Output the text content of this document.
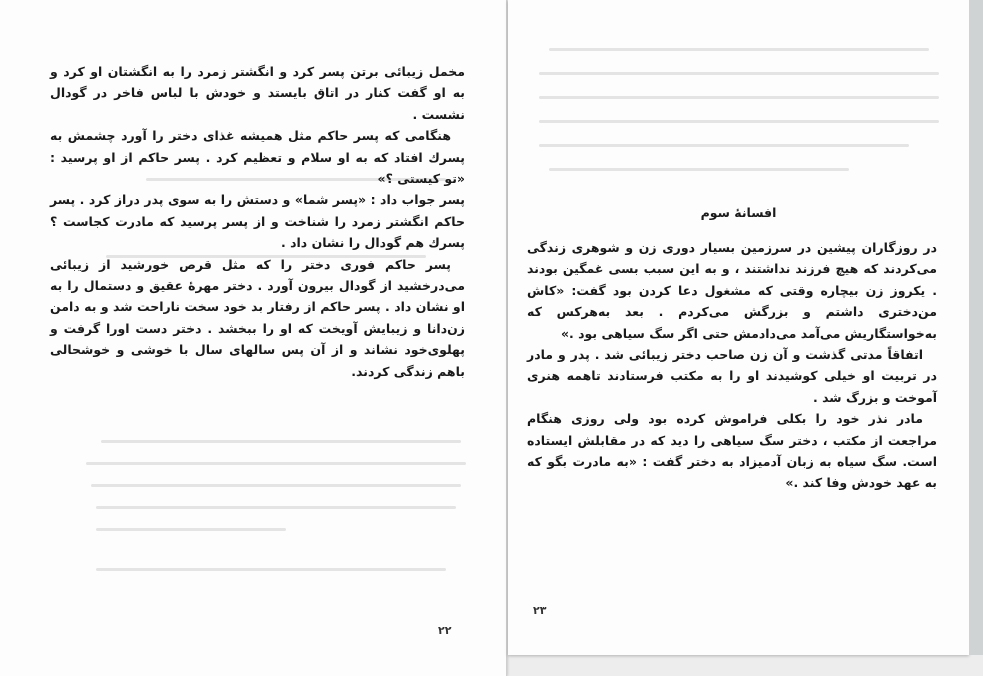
مخمل زیبائی برتن پسر کرد و انگشتر زمرد را به انگشتان او کرد و به او گفت کنار در اتاق بایستد و خودش با لباس فاخر در گودال نشست .

هنگامی که پسر حاکم مثل همیشه غذای دختر را آورد چشمش به پسرك افتاد که به او سلام و تعظیم کرد . پسر حاکم از او پرسید : «تو کیستی ؟»

پسر جواب داد : «پسر شما» و دستش را به سوی پدر دراز کرد . پسر حاکم انگشتر زمرد را شناخت و از پسر پرسید که مادرت کجاست ؟ پسرك هم گودال را نشان داد .

پسر حاکم فوری دختر را که مثل قرص خورشید از زیبائی می‌درخشید از گودال بیرون آورد . دختر مهرهٔ عقیق و دستمال را به او نشان داد . پسر حاکم از رفتار بد خود سخت ناراحت شد و به دامن زن‌دانا و زیبایش آویخت که او را ببخشد . دختر دست اورا گرفت و پهلوی‌خود نشاند و از آن پس سالهای سال با خوشی و خوشحالی باهم زندگی کردند.

۲۲
افسانهٔ سوم

در روزگاران پیشین در سرزمین بسیار دوری زن و شوهری زندگی می‌کردند که هیچ فرزند نداشتند ، و به این سبب بسی غمگین بودند . یکروز زن بیچاره وقتی که مشغول دعا کردن بود گفت: «کاش من‌دختری داشتم و بزرگش می‌کردم . بعد به‌هرکس که به‌خواستگاریش می‌آمد می‌دادمش حتی اگر سگ سیاهی بود .»

اتفاقاً مدتی گذشت و آن زن صاحب دختر زیبائی شد . پدر و مادر در تربیت او خیلی کوشیدند او را به مکتب فرستادند تاهمه هنری آموخت و بزرگ شد .

مادر نذر خود را بکلی فراموش کرده بود ولی روزی هنگام مراجعت از مکتب ، دختر سگ سیاهی را دید که در مقابلش ایستاده است. سگ سیاه به زبان آدمیزاد به دختر گفت : «به مادرت بگو که به عهد خودش وفا کند .»

۲۳
